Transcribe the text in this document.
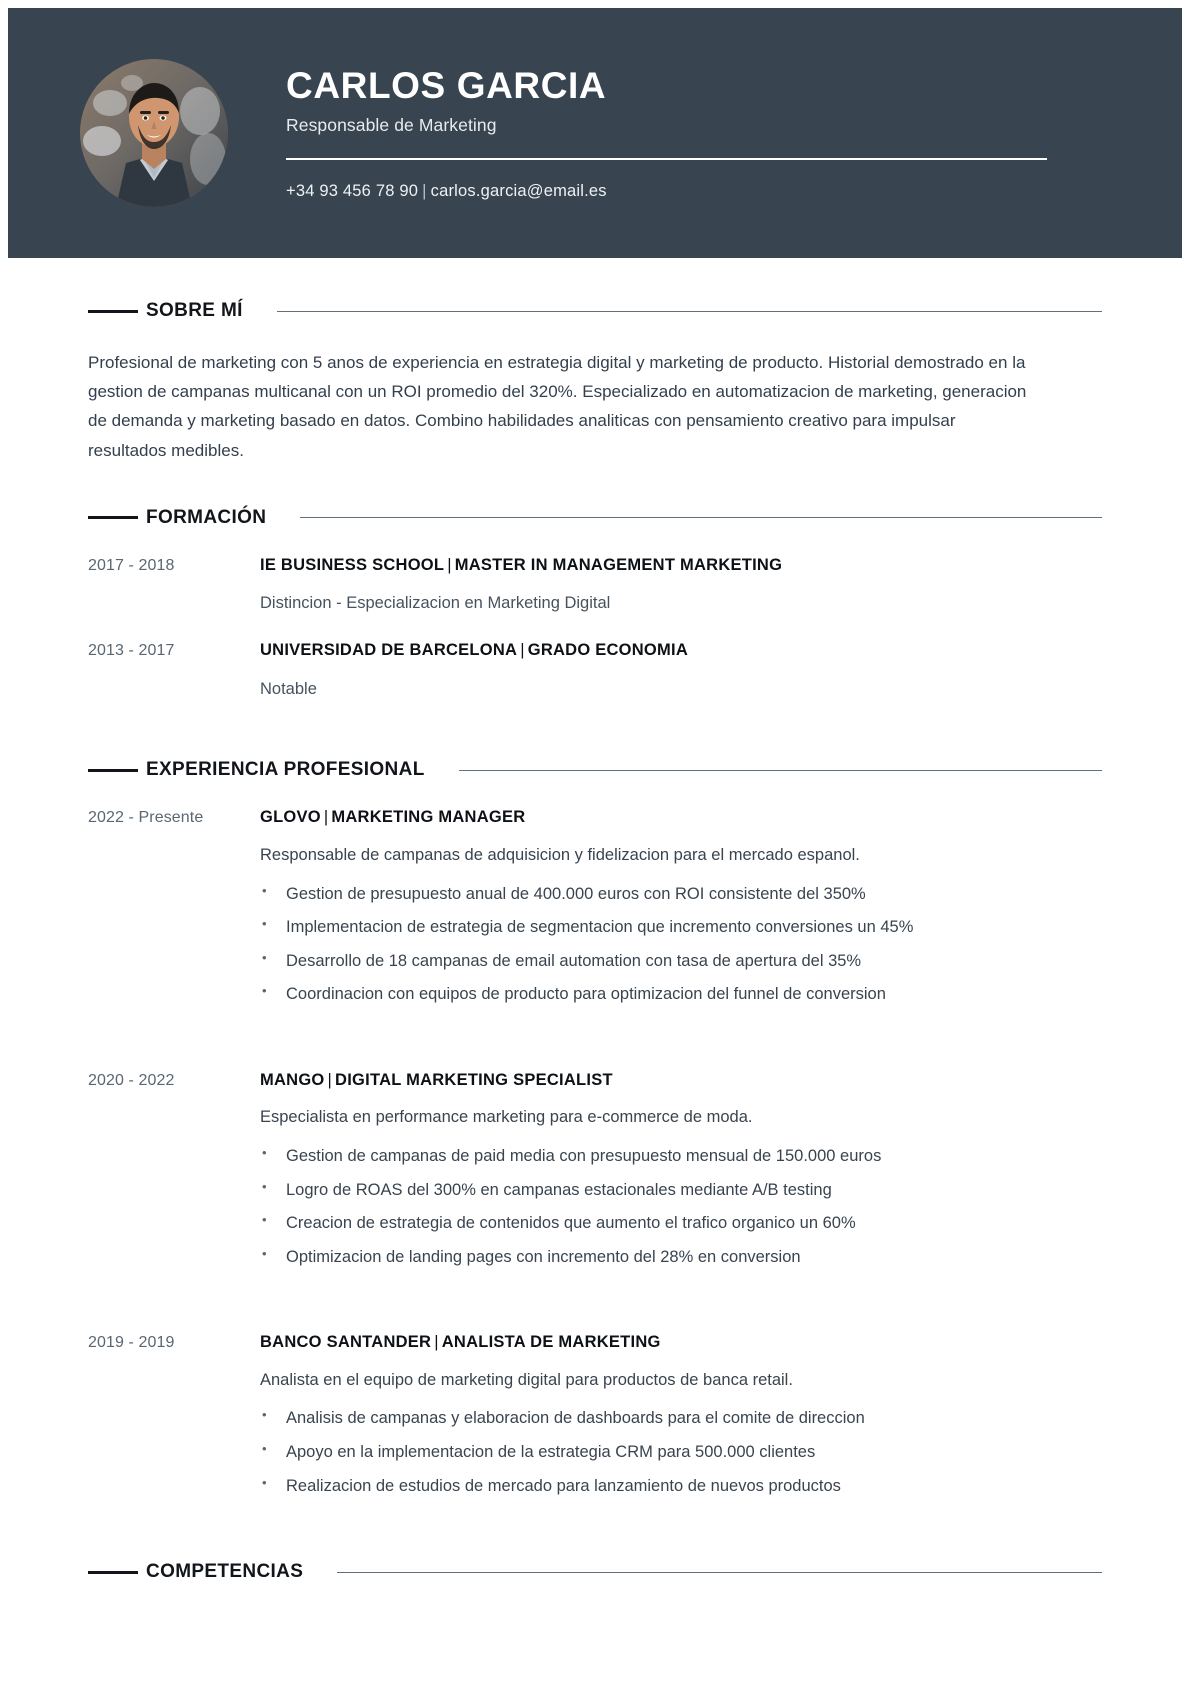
CARLOS GARCIA
Responsable de Marketing
+34 93 456 78 90 | carlos.garcia@email.es
SOBRE MÍ
Profesional de marketing con 5 anos de experiencia en estrategia digital y marketing de producto. Historial demostrado en la gestion de campanas multicanal con un ROI promedio del 320%. Especializado en automatizacion de marketing, generacion de demanda y marketing basado en datos. Combino habilidades analiticas con pensamiento creativo para impulsar resultados medibles.
FORMACIÓN
2017 - 2018	IE BUSINESS SCHOOL | MASTER IN MANAGEMENT MARKETING
Distincion - Especializacion en Marketing Digital
2013 - 2017	UNIVERSIDAD DE BARCELONA | GRADO ECONOMIA
Notable
EXPERIENCIA PROFESIONAL
2022 - Presente	GLOVO | MARKETING MANAGER
Responsable de campanas de adquisicion y fidelizacion para el mercado espanol.
•	Gestion de presupuesto anual de 400.000 euros con ROI consistente del 350%
•	Implementacion de estrategia de segmentacion que incremento conversiones un 45%
•	Desarrollo de 18 campanas de email automation con tasa de apertura del 35%
•	Coordinacion con equipos de producto para optimizacion del funnel de conversion
2020 - 2022	MANGO | DIGITAL MARKETING SPECIALIST
Especialista en performance marketing para e-commerce de moda.
•	Gestion de campanas de paid media con presupuesto mensual de 150.000 euros
•	Logro de ROAS del 300% en campanas estacionales mediante A/B testing
•	Creacion de estrategia de contenidos que aumento el trafico organico un 60%
•	Optimizacion de landing pages con incremento del 28% en conversion
2019 - 2019	BANCO SANTANDER | ANALISTA DE MARKETING
Analista en el equipo de marketing digital para productos de banca retail.
•	Analisis de campanas y elaboracion de dashboards para el comite de direccion
•	Apoyo en la implementacion de la estrategia CRM para 500.000 clientes
•	Realizacion de estudios de mercado para lanzamiento de nuevos productos
COMPETENCIAS
